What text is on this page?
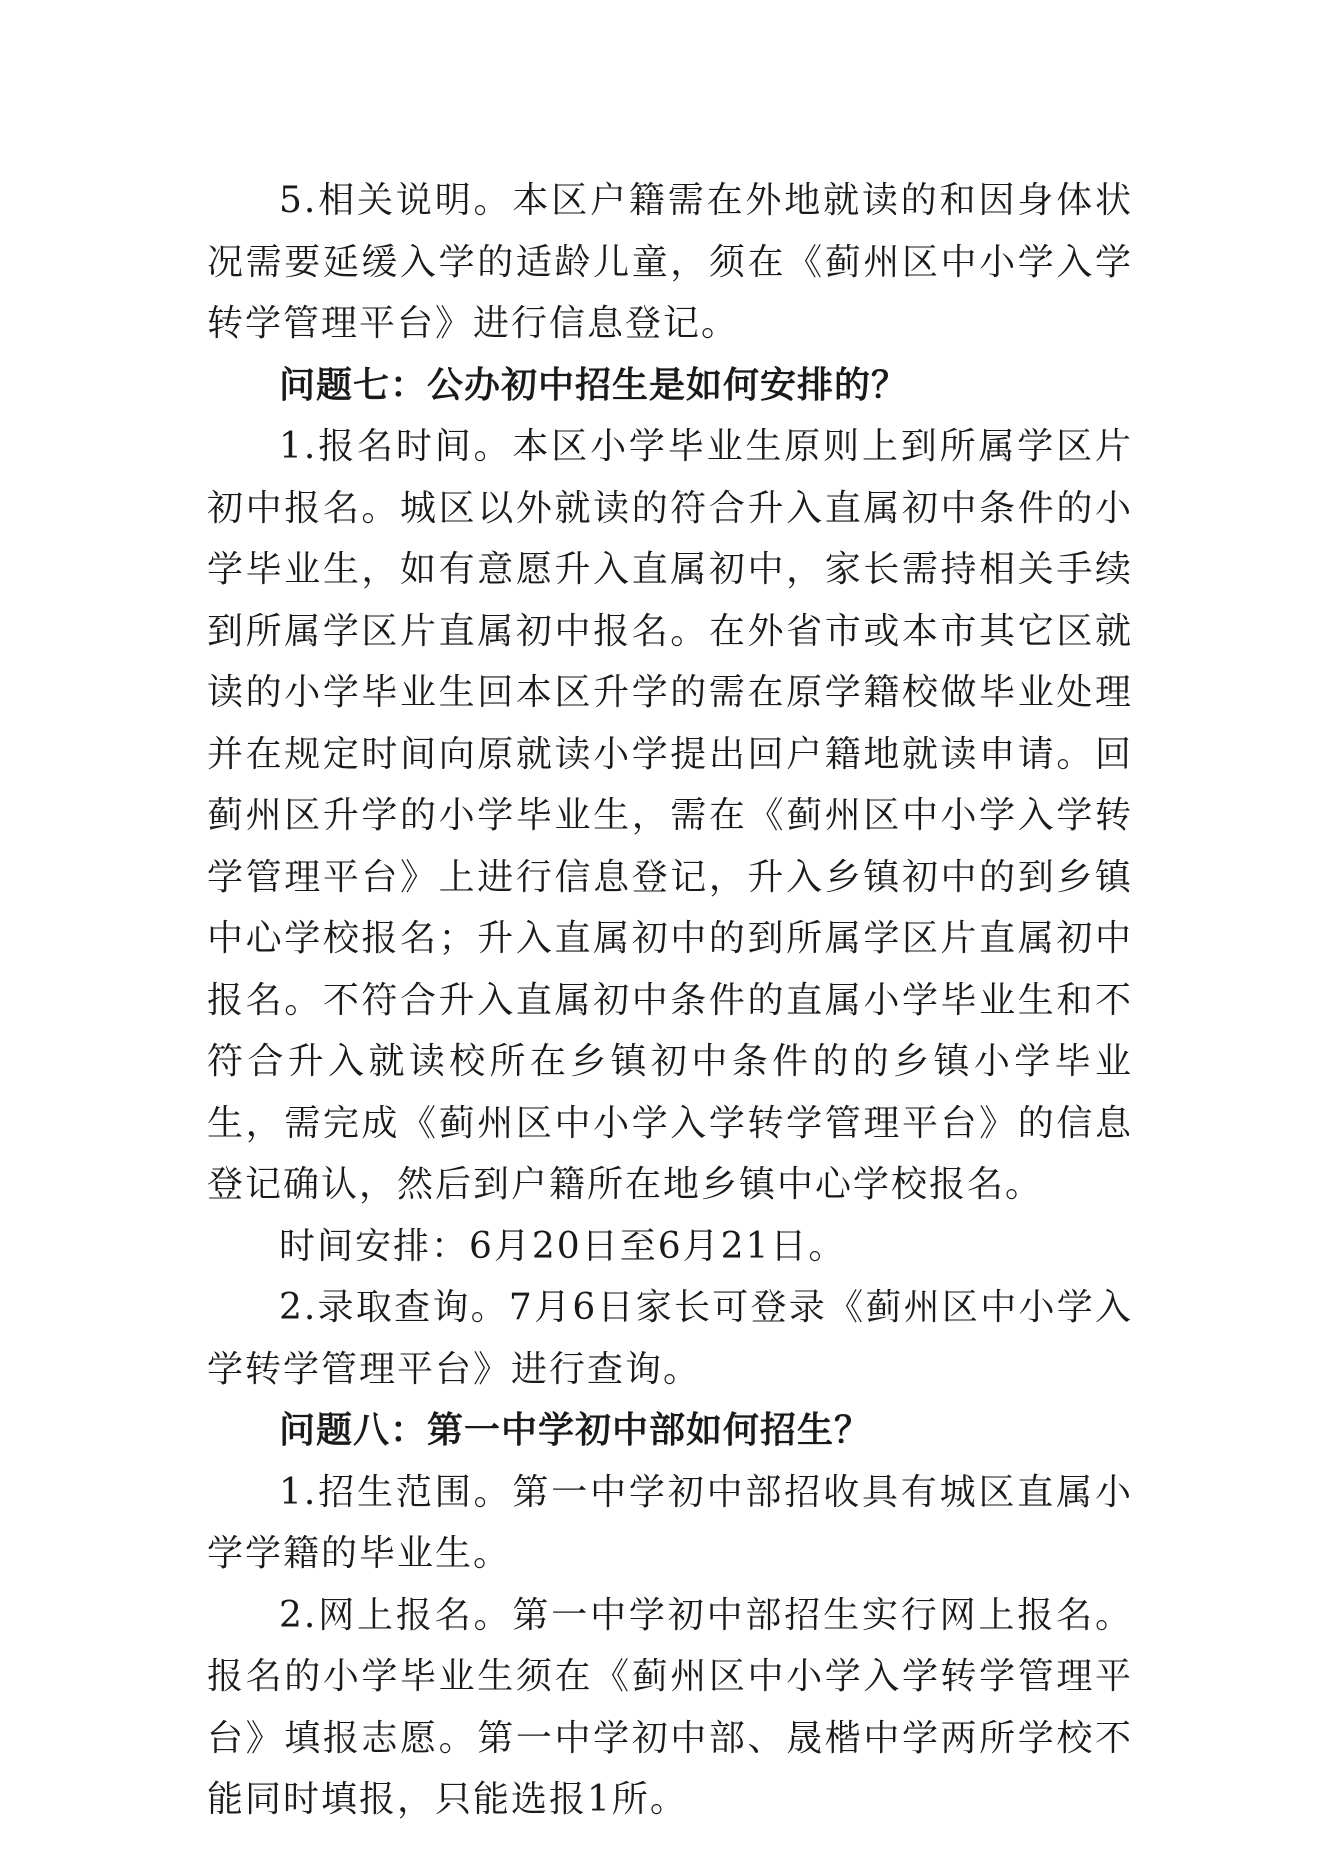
5.相关说明。本区户籍需在外地就读的和因身体状况需要延缓入学的适龄儿童，须在《蓟州区中小学入学转学管理平台》进行信息登记。

问题七：公办初中招生是如何安排的？

1.报名时间。本区小学毕业生原则上到所属学区片初中报名。城区以外就读的符合升入直属初中条件的小学毕业生，如有意愿升入直属初中，家长需持相关手续到所属学区片直属初中报名。在外省市或本市其它区就读的小学毕业生回本区升学的需在原学籍校做毕业处理并在规定时间向原就读小学提出回户籍地就读申请。回蓟州区升学的小学毕业生，需在《蓟州区中小学入学转学管理平台》上进行信息登记，升入乡镇初中的到乡镇中心学校报名；升入直属初中的到所属学区片直属初中报名。不符合升入直属初中条件的直属小学毕业生和不符合升入就读校所在乡镇初中条件的的乡镇小学毕业生，需完成《蓟州区中小学入学转学管理平台》的信息登记确认，然后到户籍所在地乡镇中心学校报名。

时间安排：6月20日至6月21日。

2.录取查询。7月6日家长可登录《蓟州区中小学入学转学管理平台》进行查询。

问题八：第一中学初中部如何招生？

1.招生范围。第一中学初中部招收具有城区直属小学学籍的毕业生。

2.网上报名。第一中学初中部招生实行网上报名。报名的小学毕业生须在《蓟州区中小学入学转学管理平台》填报志愿。第一中学初中部、晟楷中学两所学校不能同时填报，只能选报1所。
